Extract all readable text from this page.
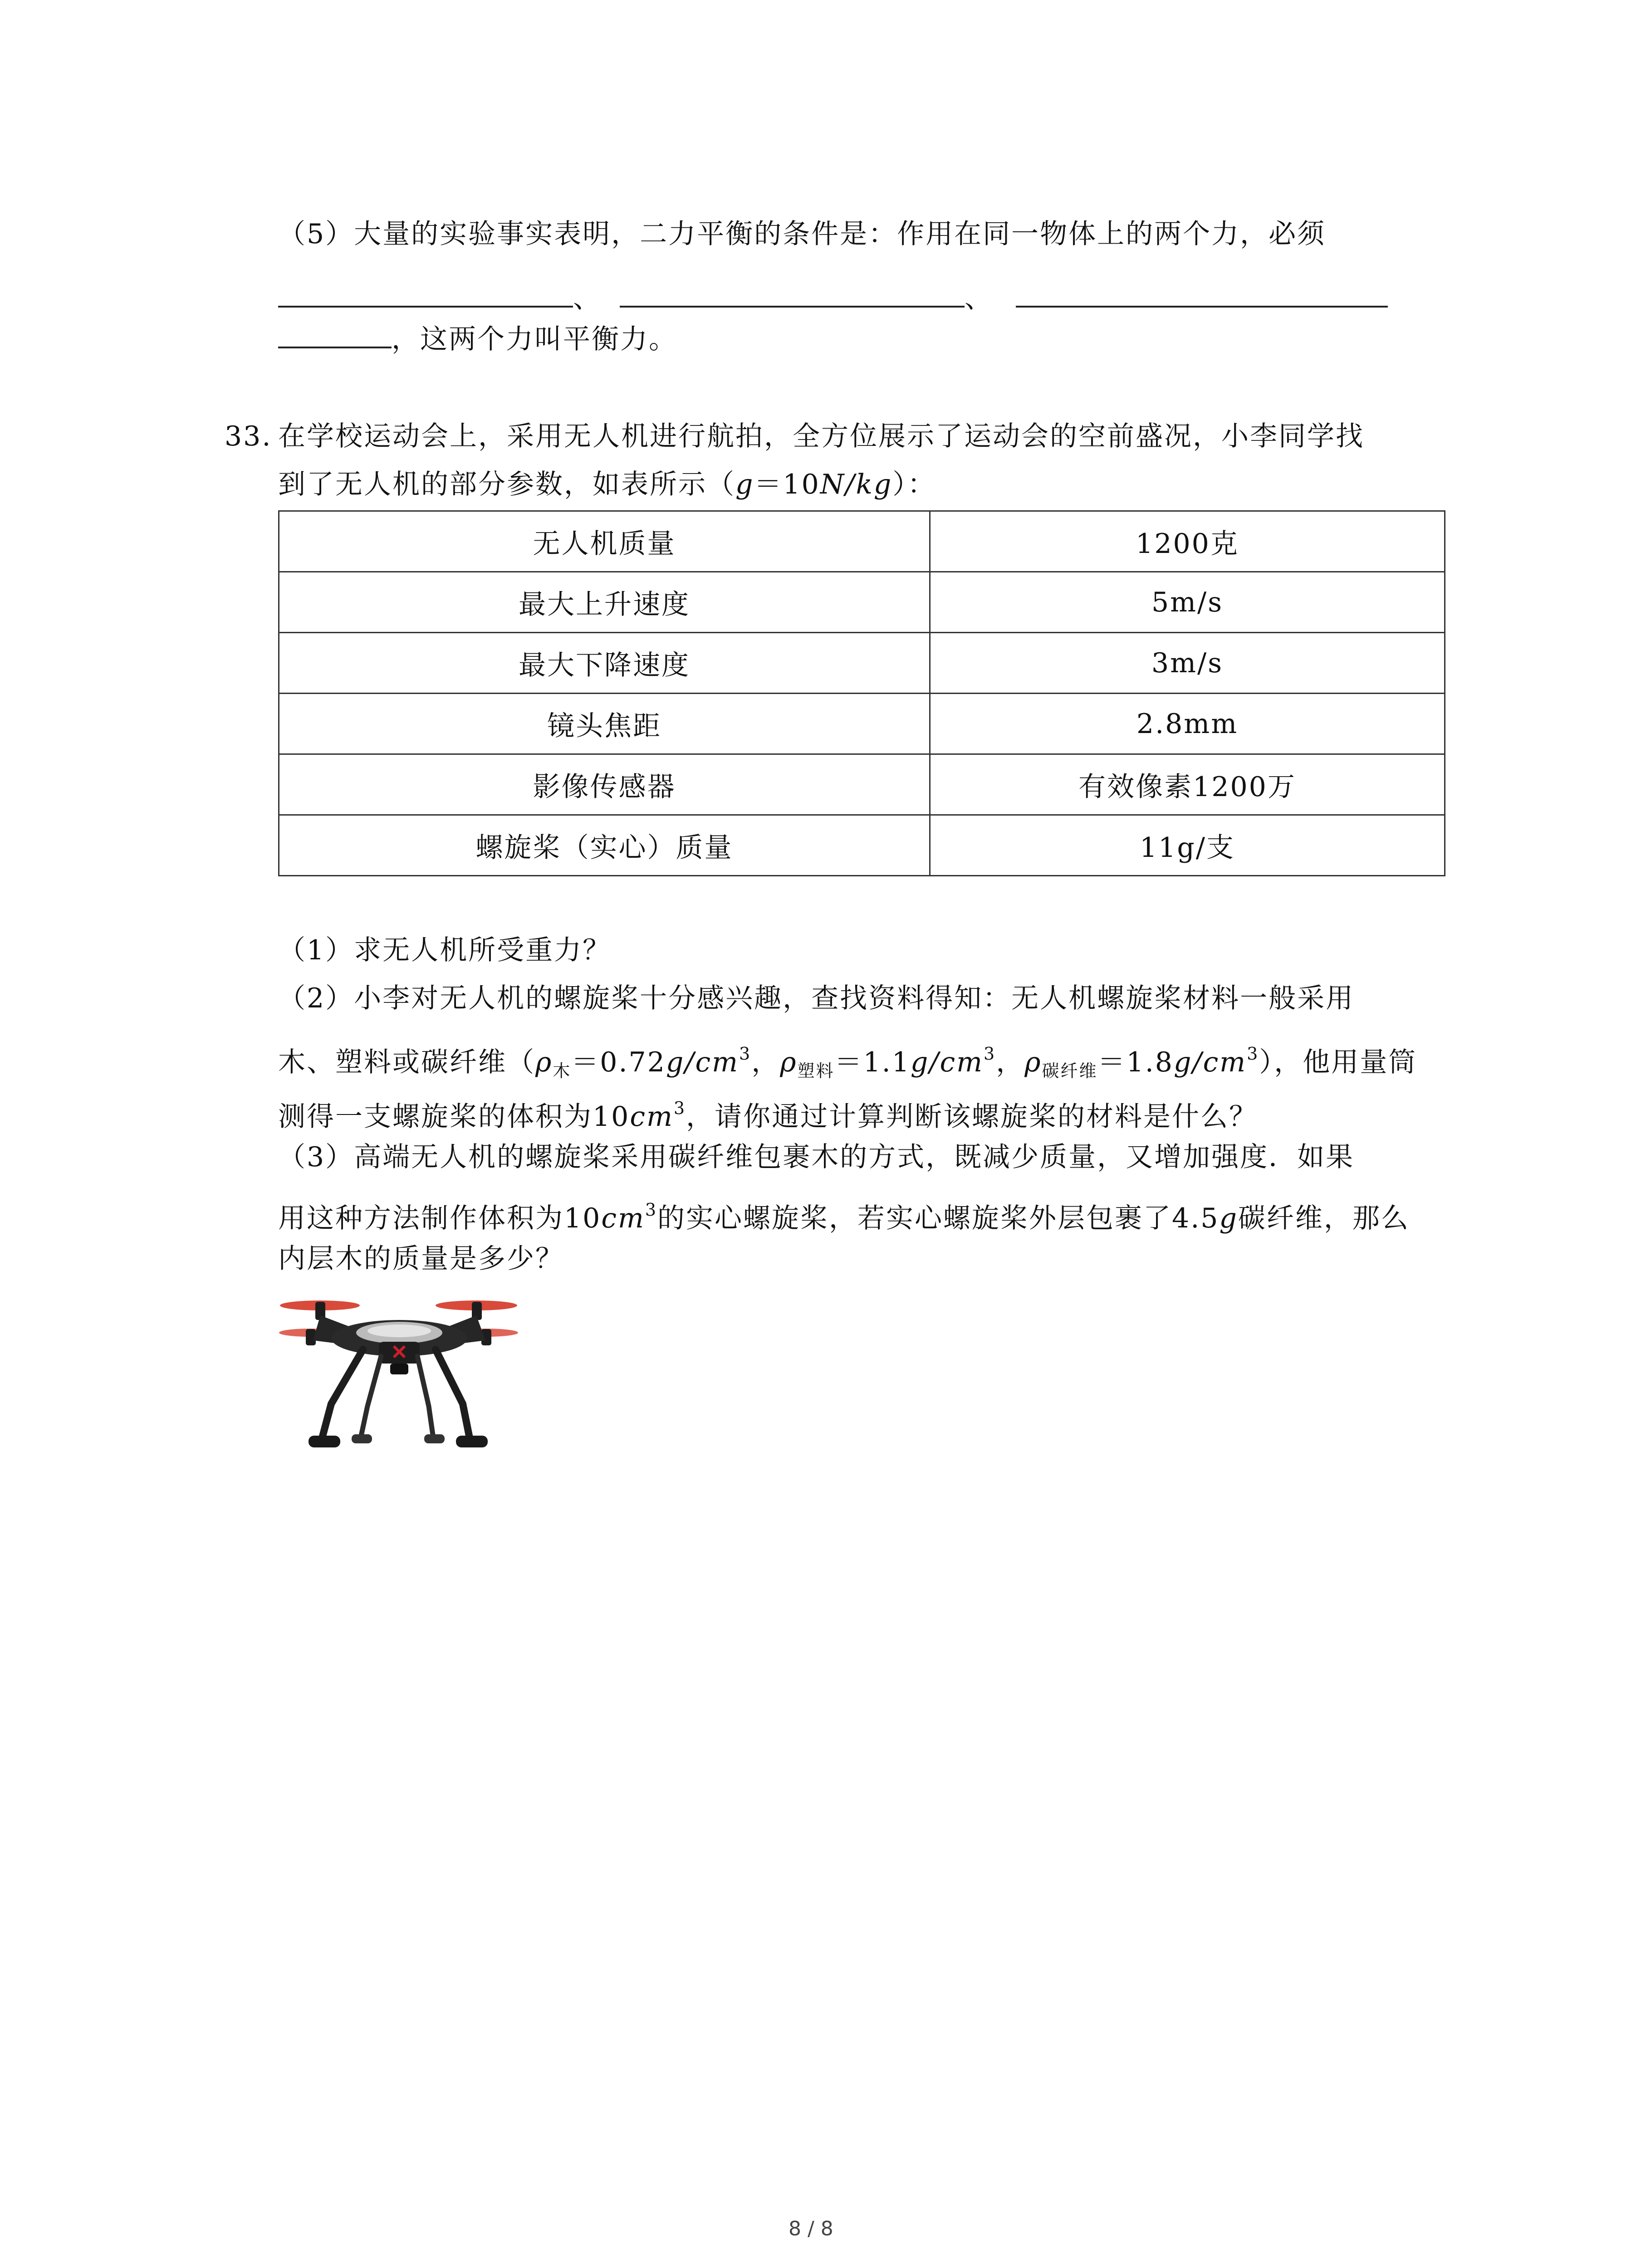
（5）大量的实验事实表明，二力平衡的条件是：作用在同一物体上的两个力，必须
、	、
，这两个力叫平衡力。
33. 在学校运动会上，采用无人机进行航拍，全方位展示了运动会的空前盛况，小李同学找
到了无人机的部分参数，如表所示（g＝10N/kg）：
无人机质量	1200克
最大上升速度	5m/s
最大下降速度	3m/s
镜头焦距	2.8mm
影像传感器	有效像素1200万
螺旋桨（实心）质量	11g/支
（1）求无人机所受重力？
（2）小李对无人机的螺旋桨十分感兴趣，查找资料得知：无人机螺旋桨材料一般采用
木、塑料或碳纤维（$\rho_木=0.72g/cm^3$，$\rho_{塑料}=1.1g/cm^3$，$\rho_{碳纤维}=1.8g/cm^3$），他用量筒
测得一支螺旋桨的体积为$10cm^3$，请你通过计算判断该螺旋桨的材料是什么？
（3）高端无人机的螺旋桨采用碳纤维包裹木的方式，既减少质量，又增加强度．如果
用这种方法制作体积为$10cm^3$的实心螺旋桨，若实心螺旋桨外层包裹了4.5g碳纤维，那么
内层木的质量是多少？
8 / 8
